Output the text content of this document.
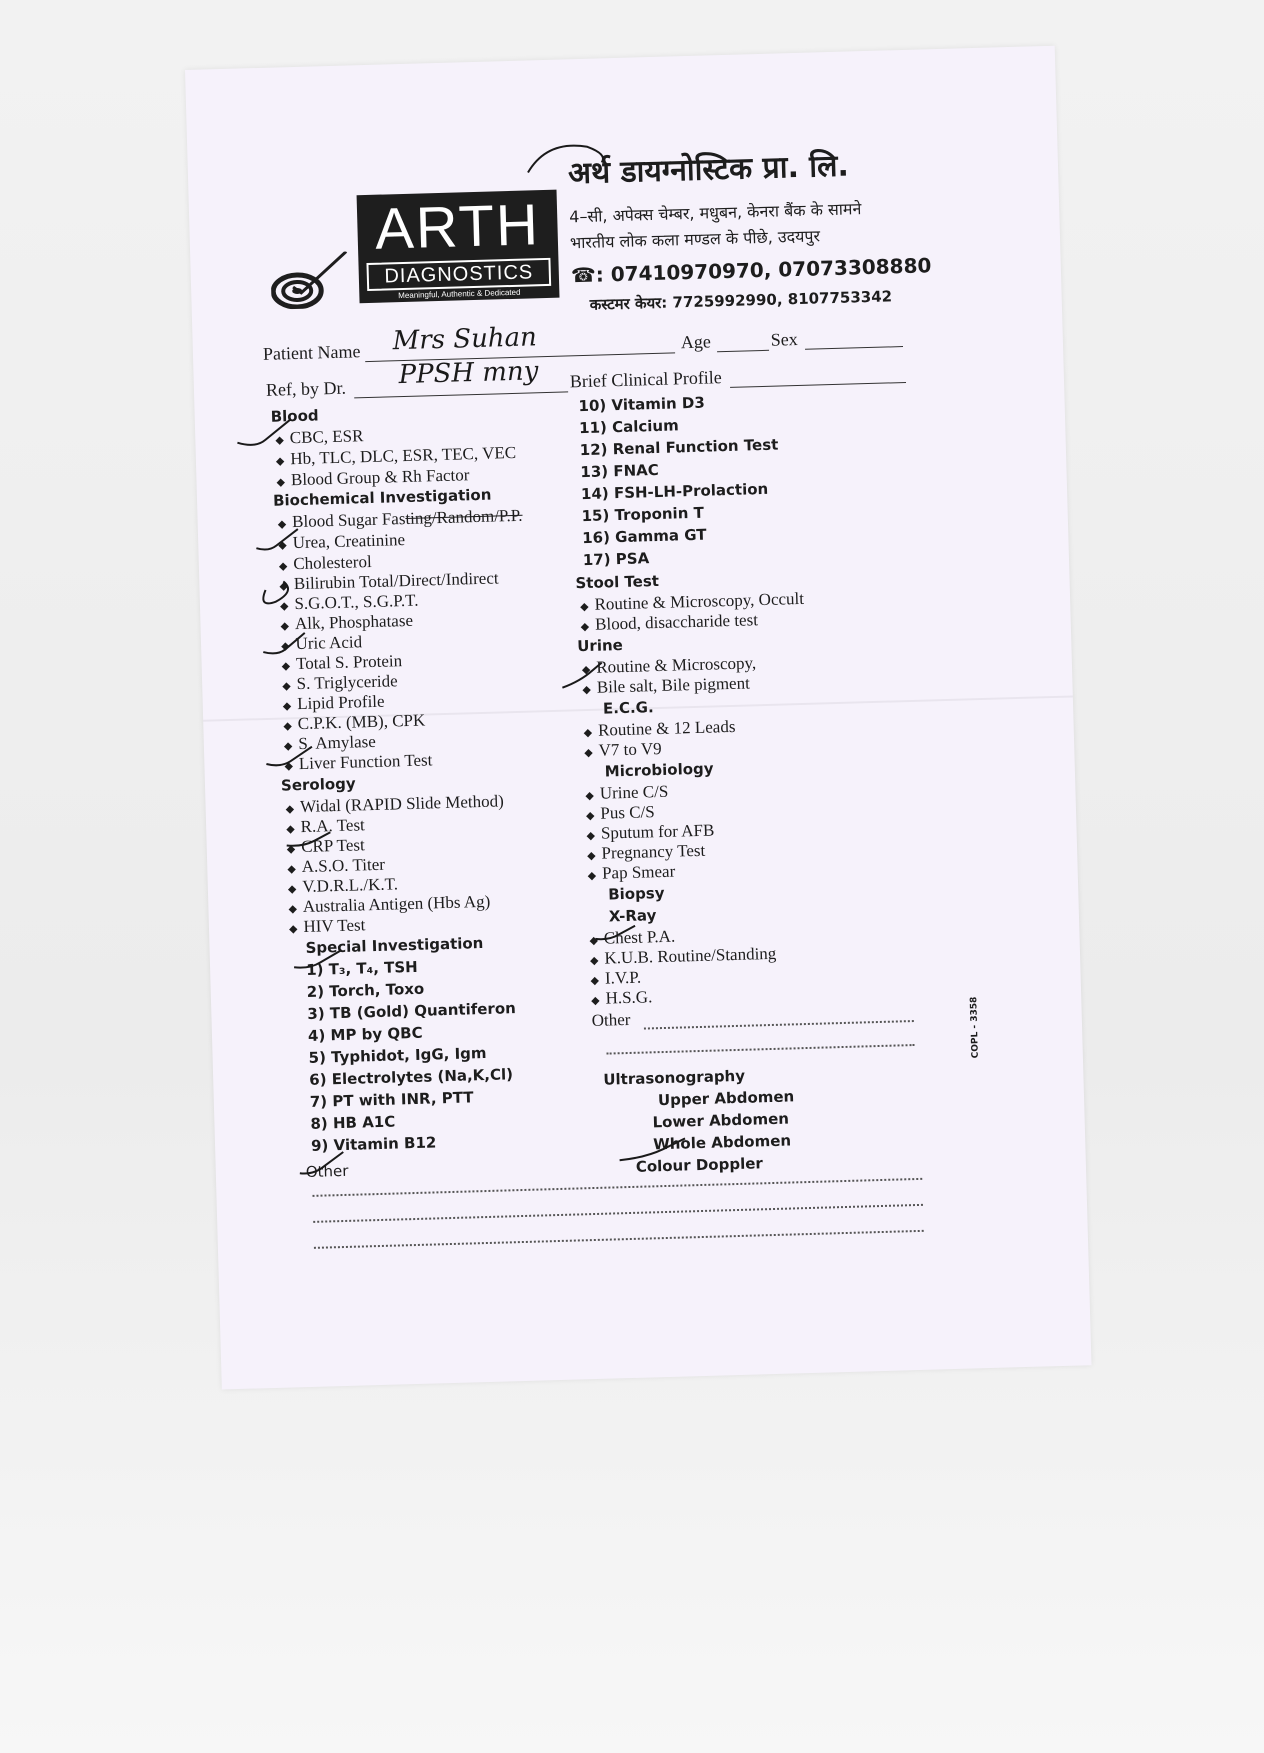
ARTH
DIAGNOSTICS
Meaningful, Authentic & Dedicated
अर्थ डायग्नोस्टिक प्रा. लि.
4–सी, अपेक्स चेम्बर, मधुबन, केनरा बैंक के सामने
भारतीय लोक कला मण्डल के पीछे, उदयपुर
☎: 07410970970, 07073308880
कस्टमर केयर: 7725992990, 8107753342
Patient Name Mrs Suhan	Age	Sex
Ref, by Dr. PPSH mny Brief Clinical Profile
Blood
◆ CBC, ESR
◆ Hb, TLC, DLC, ESR, TEC, VEC
◆ Blood Group & Rh Factor
Biochemical Investigation
◆ Blood Sugar Fasting/Random/P.P.
◆ Urea, Creatinine
◆ Cholesterol
◆ Bilirubin Total/Direct/Indirect
◆ S.G.O.T., S.G.P.T.
◆ Alk, Phosphatase
◆ Uric Acid
◆ Total S. Protein
◆ S. Triglyceride
◆ Lipid Profile
◆ C.P.K. (MB), CPK
◆ S. Amylase
◆ Liver Function Test
Serology
◆ Widal (RAPID Slide Method)
◆ R.A. Test
◆ CRP Test
◆ A.S.O. Titer
◆ V.D.R.L./K.T.
◆ Australia Antigen (Hbs Ag)
◆ HIV Test
Special Investigation
1) T₃, T₄, TSH
2) Torch, Toxo
3) TB (Gold) Quantiferon
4) MP by QBC
5) Typhidot, IgG, Igm
6) Electrolytes (Na,K,Cl)
7) PT with INR, PTT
8) HB A1C
9) Vitamin B12
Other
10) Vitamin D3
11) Calcium
12) Renal Function Test
13) FNAC
14) FSH-LH-Prolaction
15) Troponin T
16) Gamma GT
17) PSA
Stool Test
◆ Routine & Microscopy, Occult
◆ Blood, disaccharide test
Urine
◆ Routine & Microscopy,
◆ Bile salt, Bile pigment
E.C.G.
◆ Routine & 12 Leads
◆ V7 to V9
Microbiology
◆ Urine C/S
◆ Pus C/S
◆ Sputum for AFB
◆ Pregnancy Test
◆ Pap Smear
Biopsy
X-Ray
◆ Chest P.A.
◆ K.U.B. Routine/Standing
◆ I.V.P.
◆ H.S.G.
Other
Ultrasonography
Upper Abdomen
Lower Abdomen
Whole Abdomen
Colour Doppler
COPL - 3358
